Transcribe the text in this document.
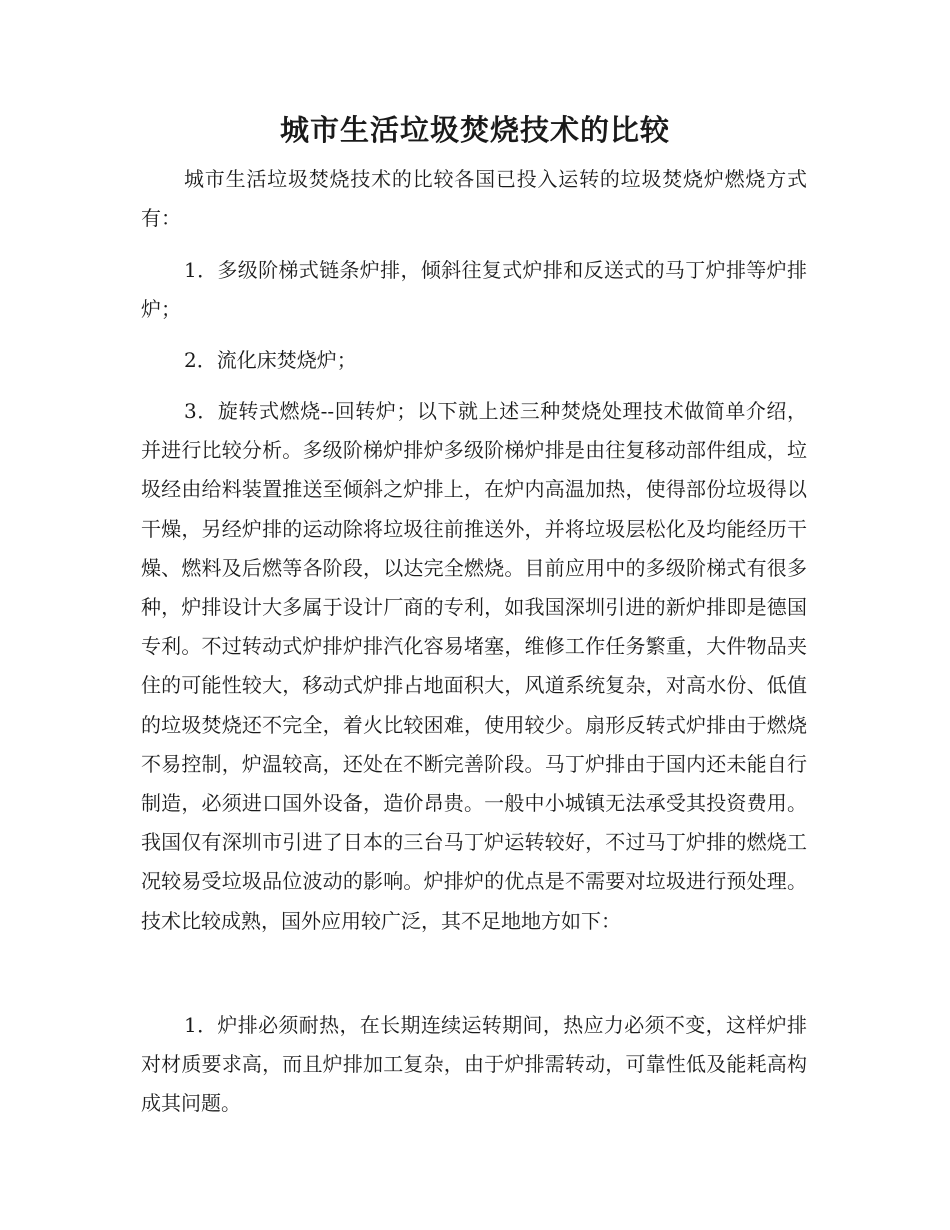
城市生活垃圾焚烧技术的比较

城市生活垃圾焚烧技术的比较各国已投入运转的垃圾焚烧炉燃烧方式有：

1．多级阶梯式链条炉排，倾斜往复式炉排和反送式的马丁炉排等炉排炉；

2．流化床焚烧炉；

3．旋转式燃烧--回转炉；以下就上述三种焚烧处理技术做简单介绍，并进行比较分析。多级阶梯炉排炉多级阶梯炉排是由往复移动部件组成，垃圾经由给料装置推送至倾斜之炉排上，在炉内高温加热，使得部份垃圾得以干燥，另经炉排的运动除将垃圾往前推送外，并将垃圾层松化及均能经历干燥、燃料及后燃等各阶段，以达完全燃烧。目前应用中的多级阶梯式有很多种，炉排设计大多属于设计厂商的专利，如我国深圳引进的新炉排即是德国专利。不过转动式炉排炉排汽化容易堵塞，维修工作任务繁重，大件物品夹住的可能性较大，移动式炉排占地面积大，风道系统复杂，对高水份、低值的垃圾焚烧还不完全，着火比较困难，使用较少。扇形反转式炉排由于燃烧不易控制，炉温较高，还处在不断完善阶段。马丁炉排由于国内还未能自行制造，必须进口国外设备，造价昂贵。一般中小城镇无法承受其投资费用。我国仅有深圳市引进了日本的三台马丁炉运转较好，不过马丁炉排的燃烧工况较易受垃圾品位波动的影响。炉排炉的优点是不需要对垃圾进行预处理。技术比较成熟，国外应用较广泛，其不足地地方如下：

1．炉排必须耐热，在长期连续运转期间，热应力必须不变，这样炉排对材质要求高，而且炉排加工复杂，由于炉排需转动，可靠性低及能耗高构成其问题。
